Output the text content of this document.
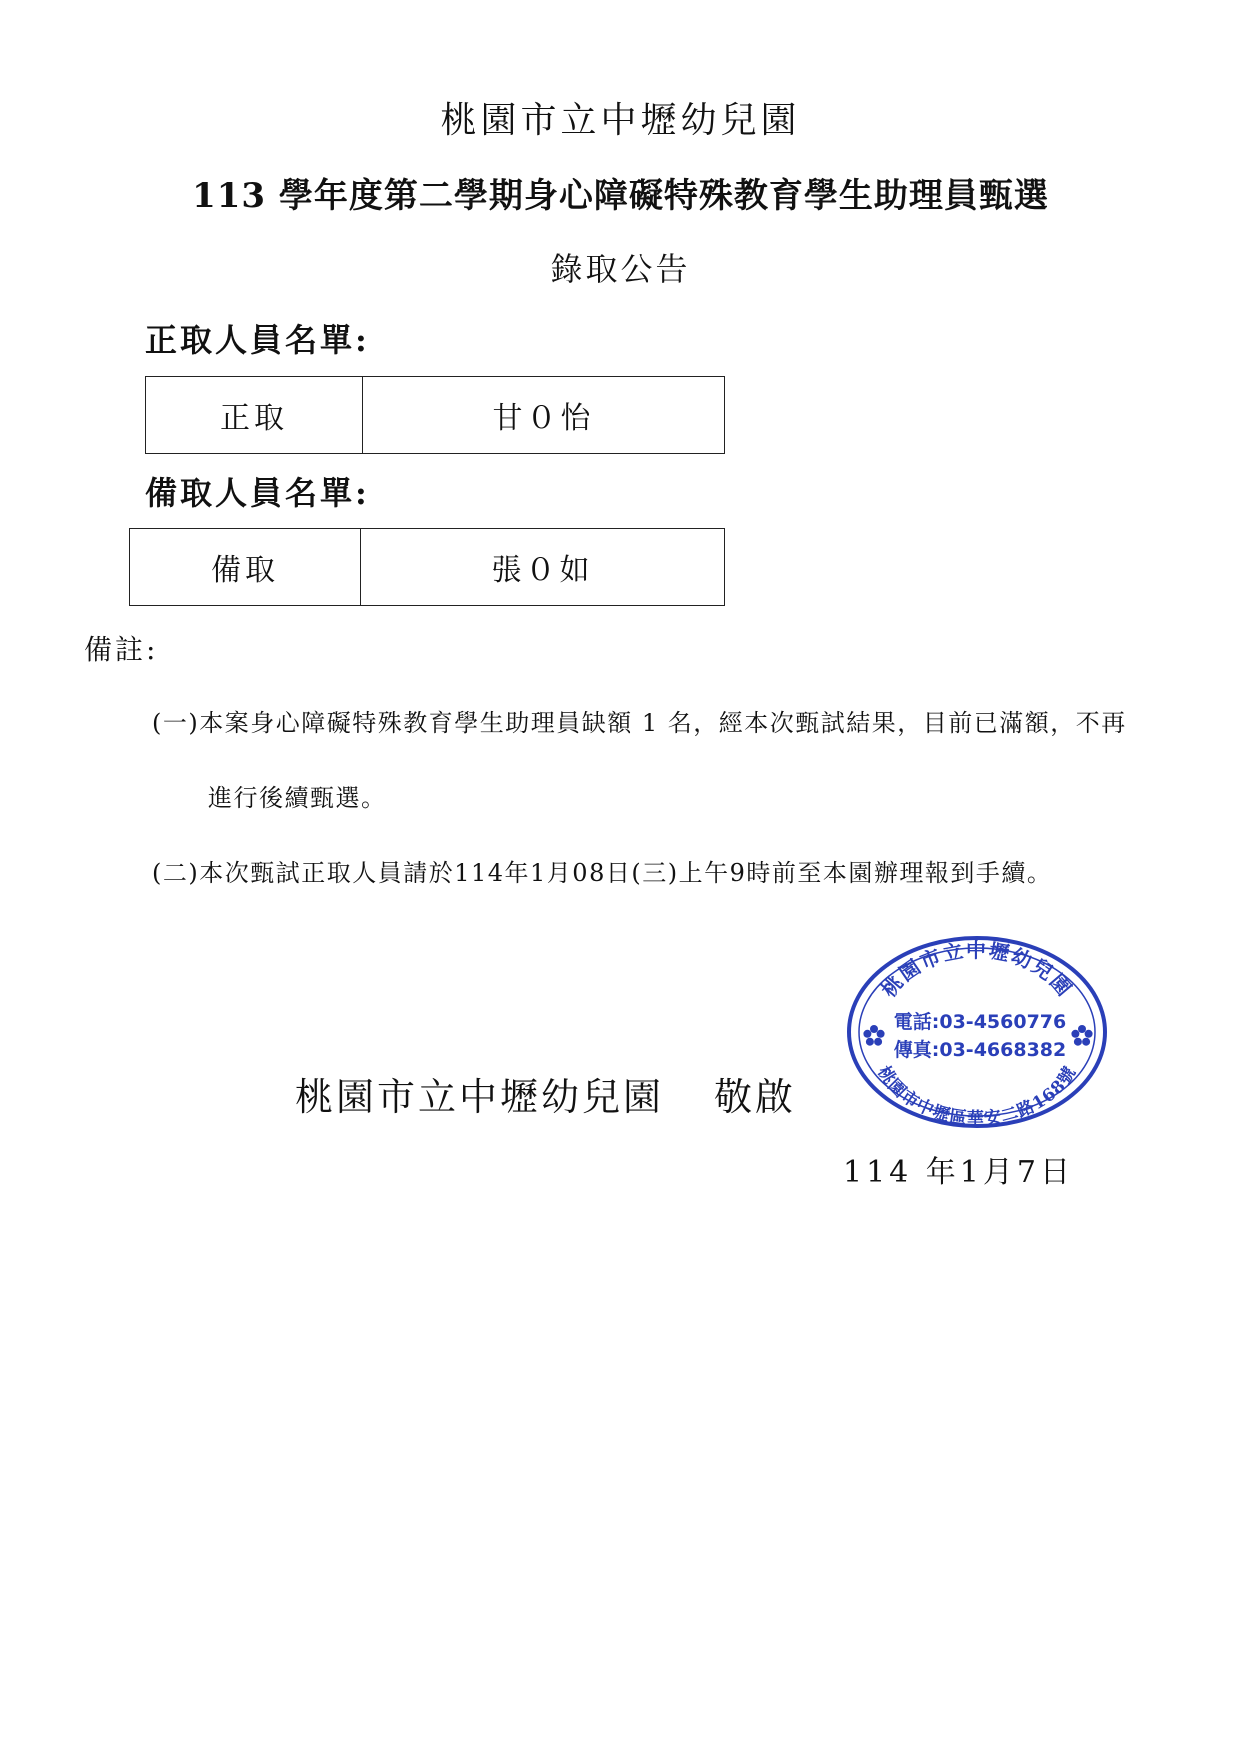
桃園市立中壢幼兒園
113 學年度第二學期身心障礙特殊教育學生助理員甄選
錄取公告
正取人員名單:
正取	甘０怡
備取人員名單:
備取	張０如
備註:
(一)本案身心障礙特殊教育學生助理員缺額 1 名，經本次甄試結果，目前已滿額，不再
進行後續甄選。
(二)本次甄試正取人員請於114年1月08日(三)上午9時前至本園辦理報到手續。
桃園市立中壢幼兒園 敬啟
114 年1月7日
桃園市立中壢幼兒園
桃園市中壢區華安二路168號
電話:03-4560776
傳真:03-4668382
